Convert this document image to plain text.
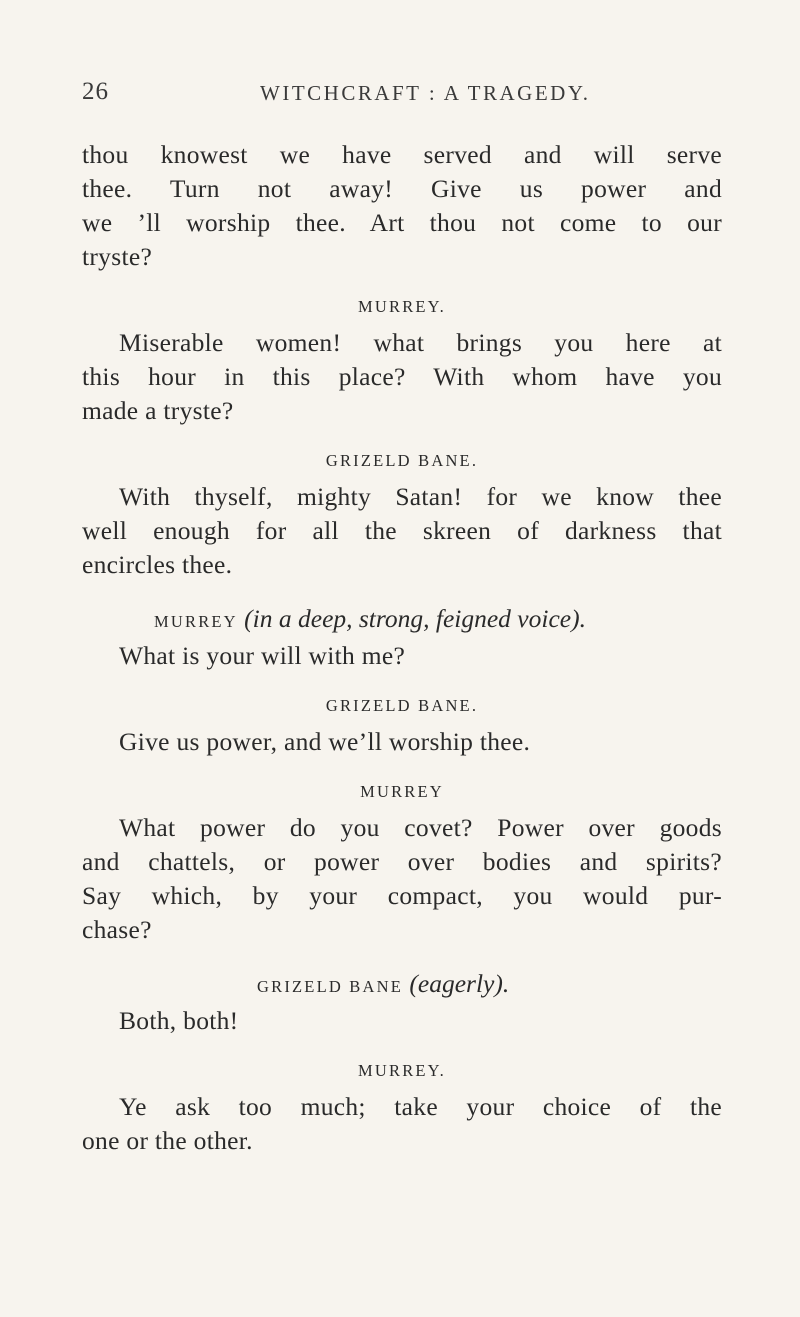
26	WITCHCRAFT : A TRAGEDY.
thou knowest we have served and will serve
thee. Turn not away! Give us power and
we ’ll worship thee. Art thou not come to our
tryste?

MURREY.

Miserable women! what brings you here at
this hour in this place? With whom have you
made a tryste?

GRIZELD BANE.

With thyself, mighty Satan! for we know thee
well enough for all the skreen of darkness that
encircles thee.

MURREY (in a deep, strong, feigned voice).

What is your will with me?

GRIZELD BANE.

Give us power, and we’ll worship thee.

MURREY

What power do you covet? Power over goods
and chattels, or power over bodies and spirits?
Say which, by your compact, you would pur-
chase?

GRIZELD BANE (eagerly).

Both, both!

MURREY.

Ye ask too much; take your choice of the
one or the other.
